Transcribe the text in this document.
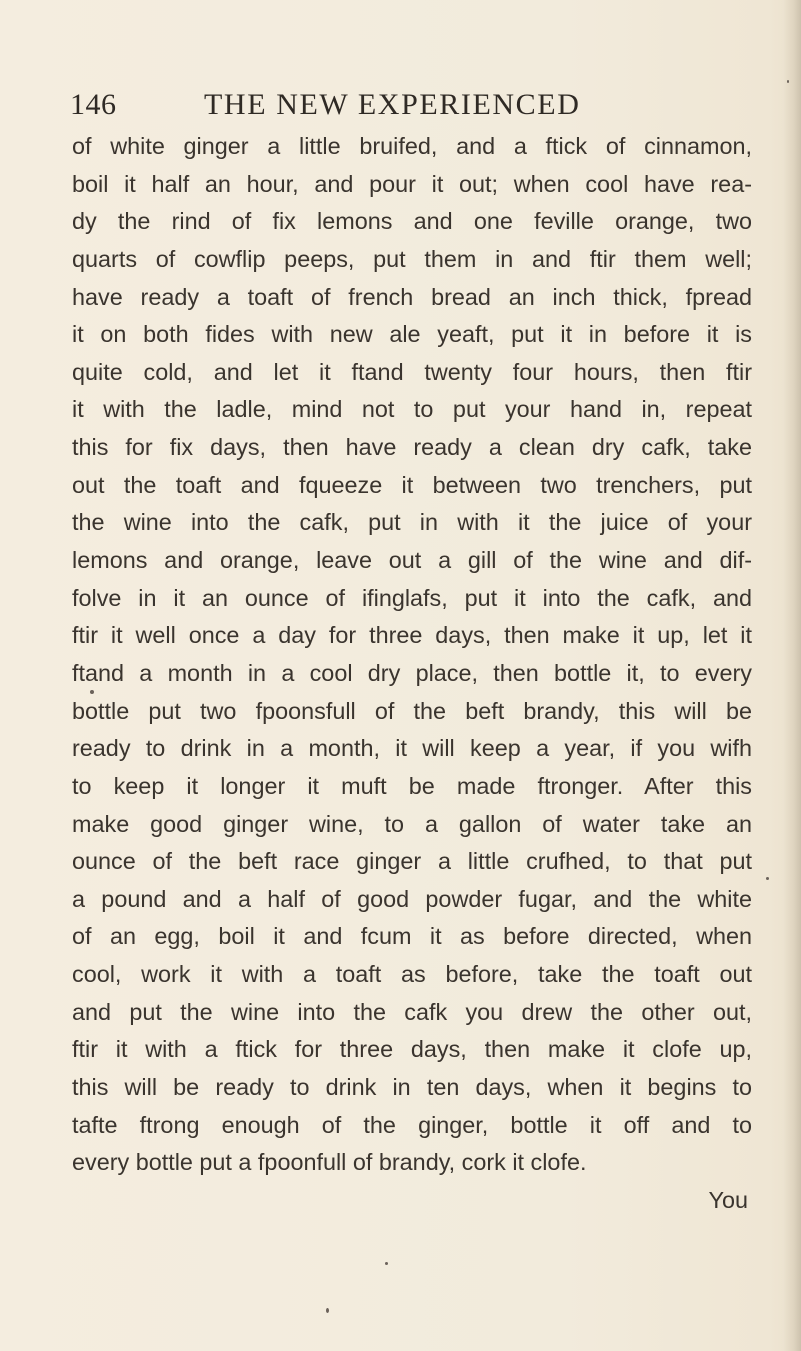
146	THE NEW EXPERIENCED
of white ginger a little bruifed, and a ftick of cinnamon,
boil it half an hour, and pour it out; when cool have rea-
dy the rind of fix lemons and one feville orange, two
quarts of cowflip peeps, put them in and ftir them well;
have ready a toaft of french bread an inch thick, fpread
it on both fides with new ale yeaft, put it in before it is
quite cold, and let it ftand twenty four hours, then ftir
it with the ladle, mind not to put your hand in, repeat
this for fix days, then have ready a clean dry cafk, take
out the toaft and fqueeze it between two trenchers, put
the wine into the cafk, put in with it the juice of your
lemons and orange, leave out a gill of the wine and dif-
folve in it an ounce of ifinglafs, put it into the cafk, and
ftir it well once a day for three days, then make it up, let it
ftand a month in a cool dry place, then bottle it, to every
bottle put two fpoonsfull of the beft brandy, this will be
ready to drink in a month, it will keep a year, if you wifh
to keep it longer it muft be made ftronger. After this
make good ginger wine, to a gallon of water take an
ounce of the beft race ginger a little crufhed, to that put
a pound and a half of good powder fugar, and the white
of an egg, boil it and fcum it as before directed, when
cool, work it with a toaft as before, take the toaft out
and put the wine into the cafk you drew the other out,
ftir it with a ftick for three days, then make it clofe up,
this will be ready to drink in ten days, when it begins to
tafte ftrong enough of the ginger, bottle it off and to
every bottle put a fpoonfull of brandy, cork it clofe.
You
